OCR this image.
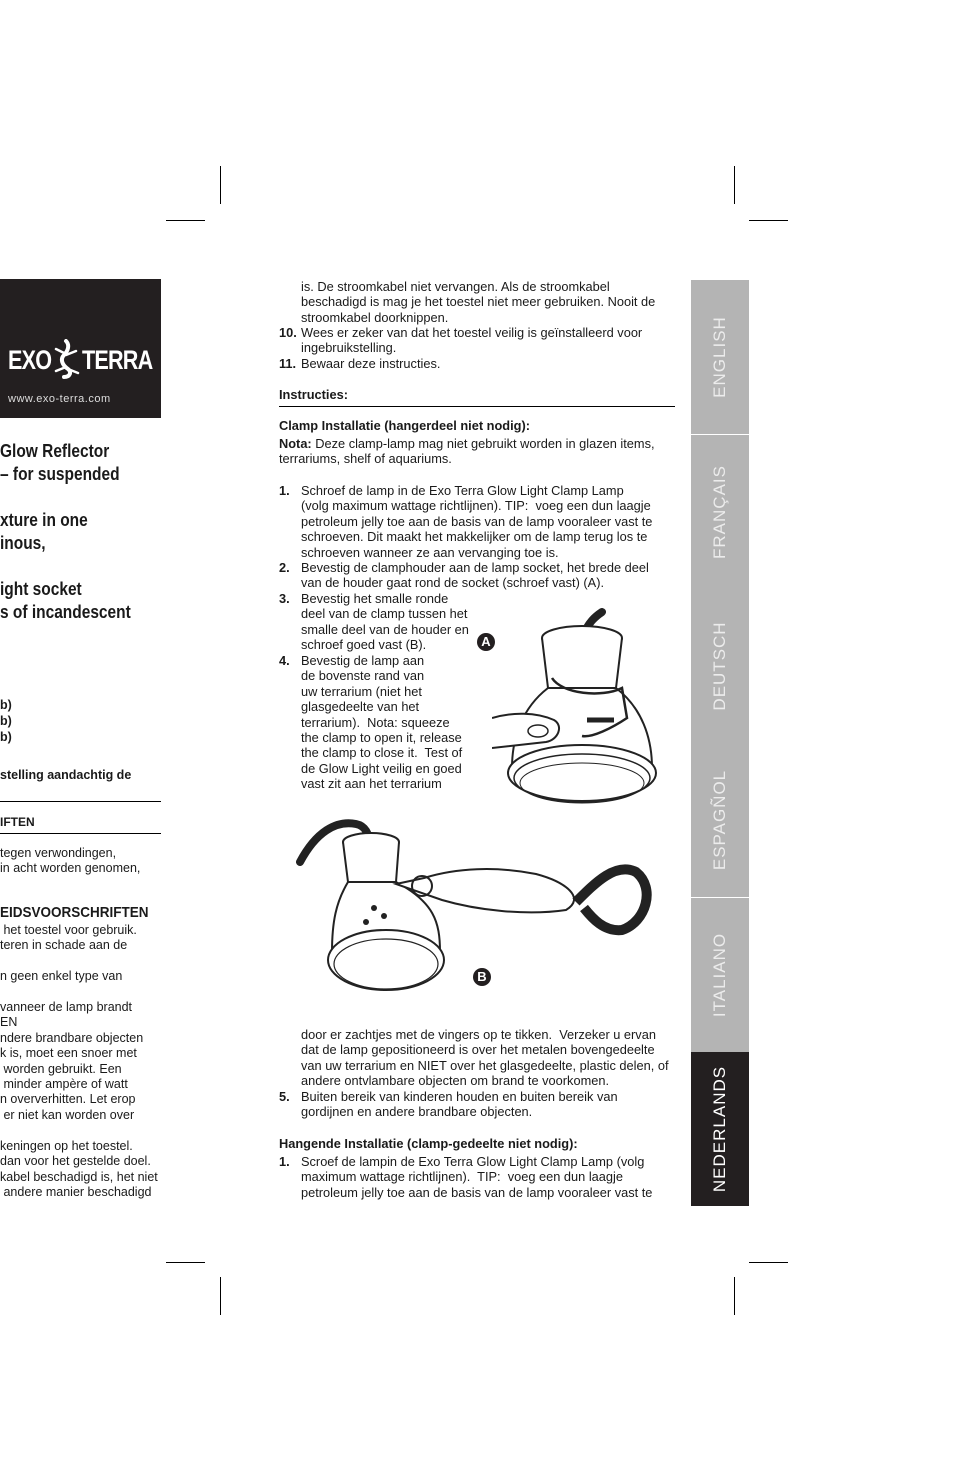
EXO TERRA
www.exo-terra.com
Glow Reflector
– for suspended

xture in one
inous,

ight socket
s of incandescent
b)
b)
b)
stelling aandachtig de
IFTEN
tegen verwondingen,
in acht worden genomen,
EIDSVOORSCHRIFTEN
het toestel voor gebruik.
teren in schade aan de

n geen enkel type van

vanneer de lamp brandt
EN
ndere brandbare objecten
k is, moet een snoer met
worden gebruikt. Een
minder ampère of watt
n oververhitten. Let erop
er niet kan worden over

keningen op het toestel.
dan voor het gestelde doel.
kabel beschadigd is, het niet
andere manier beschadigd
is. De stroomkabel niet vervangen. Als de stroomkabel
beschadigd is mag je het toestel niet meer gebruiken. Nooit de
stroomkabel doorknippen.
10. Wees er zeker van dat het toestel veilig is geïnstalleerd voor
ingebruikstelling.
11. Bewaar deze instructies.
Instructies:
Clamp Installatie (hangerdeel niet nodig):

Nota: Deze clamp-lamp mag niet gebruikt worden in glazen items,

terrariums, shelf of aquariums.

1. Schroef de lamp in de Exo Terra Glow Light Clamp Lamp
(volg maximum wattage richtlijnen). TIP:  voeg een dun laagje
petroleum jelly toe aan de basis van de lamp vooraleer vast te
schroeven. Dit maakt het makkelijker om de lamp terug los te
schroeven wanneer ze aan vervanging toe is.
2. Bevestig de clamphouder aan de lamp socket, het brede deel
van de houder gaat rond de socket (schroef vast) (A).
3. Bevestig het smalle ronde
deel van de clamp tussen het
smalle deel van de houder en
schroef goed vast (B).
4. Bevestig de lamp aan
de bovenste rand van
uw terrarium (niet het
glasgedeelte van het
terrarium).  Nota: squeeze
the clamp to open it, release
the clamp to close it.  Test of
de Glow Light veilig en goed
vast zit aan het terrarium
A
B
door er zachtjes met de vingers op te tikken.  Verzeker u ervan
dat de lamp gepositioneerd is over het metalen bovengedeelte
van uw terrarium en NIET over het glasgedeelte, plastic delen, of
andere ontvlambare objecten om brand te voorkomen.
5. Buiten bereik van kinderen houden en buiten bereik van
gordijnen en andere brandbare objecten.
Hangende Installatie (clamp-gedeelte niet nodig):
1. Scroef de lampin de Exo Terra Glow Light Clamp Lamp (volg
maximum wattage richtlijnen).  TIP:  voeg een dun laagje
petroleum jelly toe aan de basis van de lamp vooraleer vast te
ENGLISH
FRANÇAIS
DEUTSCH
ESPAGÑOL
ITALIANO
NEDERLANDS
